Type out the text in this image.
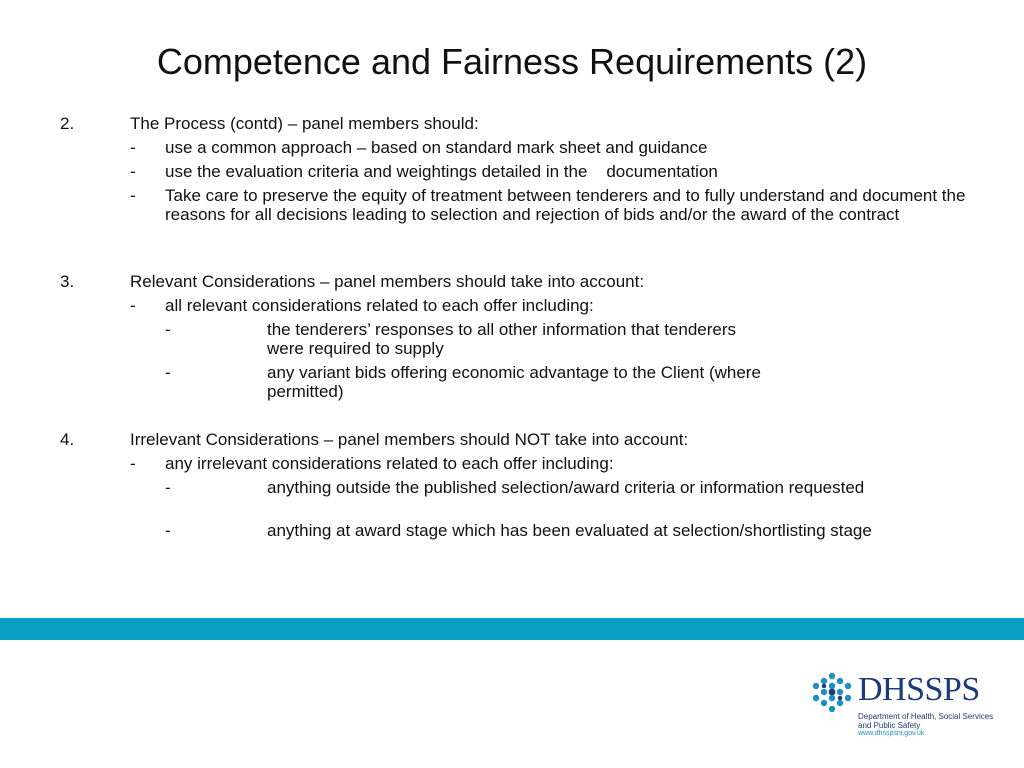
Competence and Fairness Requirements (2)
2.	The Process (contd) – panel members should:
- use a common approach – based on standard mark sheet and guidance
- use the evaluation criteria and weightings detailed in the    documentation
- Take care to preserve the equity of treatment between tenderers and to fully understand and document the reasons for all decisions leading to selection and rejection of bids and/or the award of the contract
3.	Relevant Considerations – panel members should take into account:
- all relevant considerations related to each offer including:
-	the tenderers’ responses to all other information that tenderers were required to supply
-	any variant bids offering economic advantage to the Client (where permitted)
4.	Irrelevant Considerations – panel members should NOT take into account:
- any irrelevant considerations related to each offer including:
-	anything outside the published selection/award criteria or information requested
-	anything at award stage which has been evaluated at selection/shortlisting stage
DHSSPS
Department of Health, Social Services and Public Safety
www.dhsspsni.gov.uk
